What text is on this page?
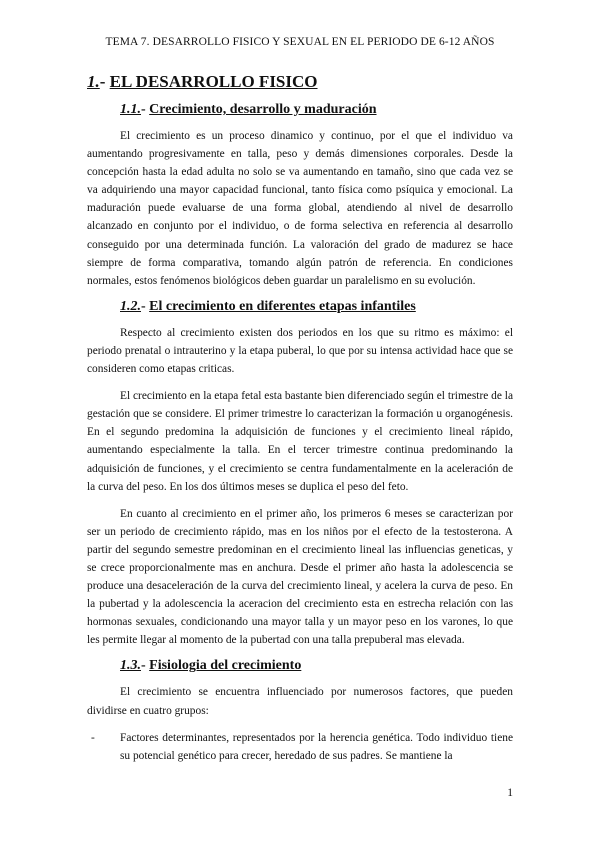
TEMA 7. DESARROLLO FISICO Y SEXUAL EN EL PERIODO DE 6-12 AÑOS
1.- EL DESARROLLO FISICO
1.1.- Crecimiento, desarrollo y maduración

El crecimiento es un proceso dinamico y continuo, por el que el individuo va aumentando progresivamente en talla, peso y demás dimensiones corporales. Desde la concepción hasta la edad adulta no solo se va aumentando en tamaño, sino que cada vez se va adquiriendo una mayor capacidad funcional, tanto física como psíquica y emocional. La maduración puede evaluarse de una forma global, atendiendo al nivel de desarrollo alcanzado en conjunto por el individuo, o de forma selectiva en referencia al desarrollo conseguido por una determinada función. La valoración del grado de madurez se hace siempre de forma comparativa, tomando algún patrón de referencia. En condiciones normales, estos fenómenos biológicos deben guardar un paralelismo en su evolución.

1.2.- El crecimiento en diferentes etapas infantiles

Respecto al crecimiento existen dos periodos en los que su ritmo es máximo: el periodo prenatal o intrauterino y la etapa puberal, lo que por su intensa actividad hace que se consideren como etapas criticas.

El crecimiento en la etapa fetal esta bastante bien diferenciado según el trimestre de la gestación que se considere. El primer trimestre lo caracterizan la formación u organogénesis. En el segundo predomina la adquisición de funciones y el crecimiento lineal rápido, aumentando especialmente la talla. En el tercer trimestre continua predominando la adquisición de funciones, y el crecimiento se centra fundamentalmente en la aceleración de la curva del peso. En los dos últimos meses se duplica el peso del feto.

En cuanto al crecimiento en el primer año, los primeros 6 meses se caracterizan por ser un periodo de crecimiento rápido, mas en los niños por el efecto de la testosterona. A partir del segundo semestre predominan en el crecimiento lineal las influencias geneticas, y se crece proporcionalmente mas en anchura. Desde el primer año hasta la adolescencia se produce una desaceleración de la curva del crecimiento lineal, y acelera la curva de peso. En la pubertad y la adolescencia la aceracion del crecimiento esta en estrecha relación con las hormonas sexuales, condicionando una mayor talla y un mayor peso en los varones, lo que les permite llegar al momento de la pubertad con una talla prepuberal mas elevada.

1.3.- Fisiologia del crecimiento

El crecimiento se encuentra influenciado por numerosos factores, que pueden dividirse en cuatro grupos:

- Factores determinantes, representados por la herencia genética. Todo individuo tiene su potencial genético para crecer, heredado de sus padres. Se mantiene la
1
